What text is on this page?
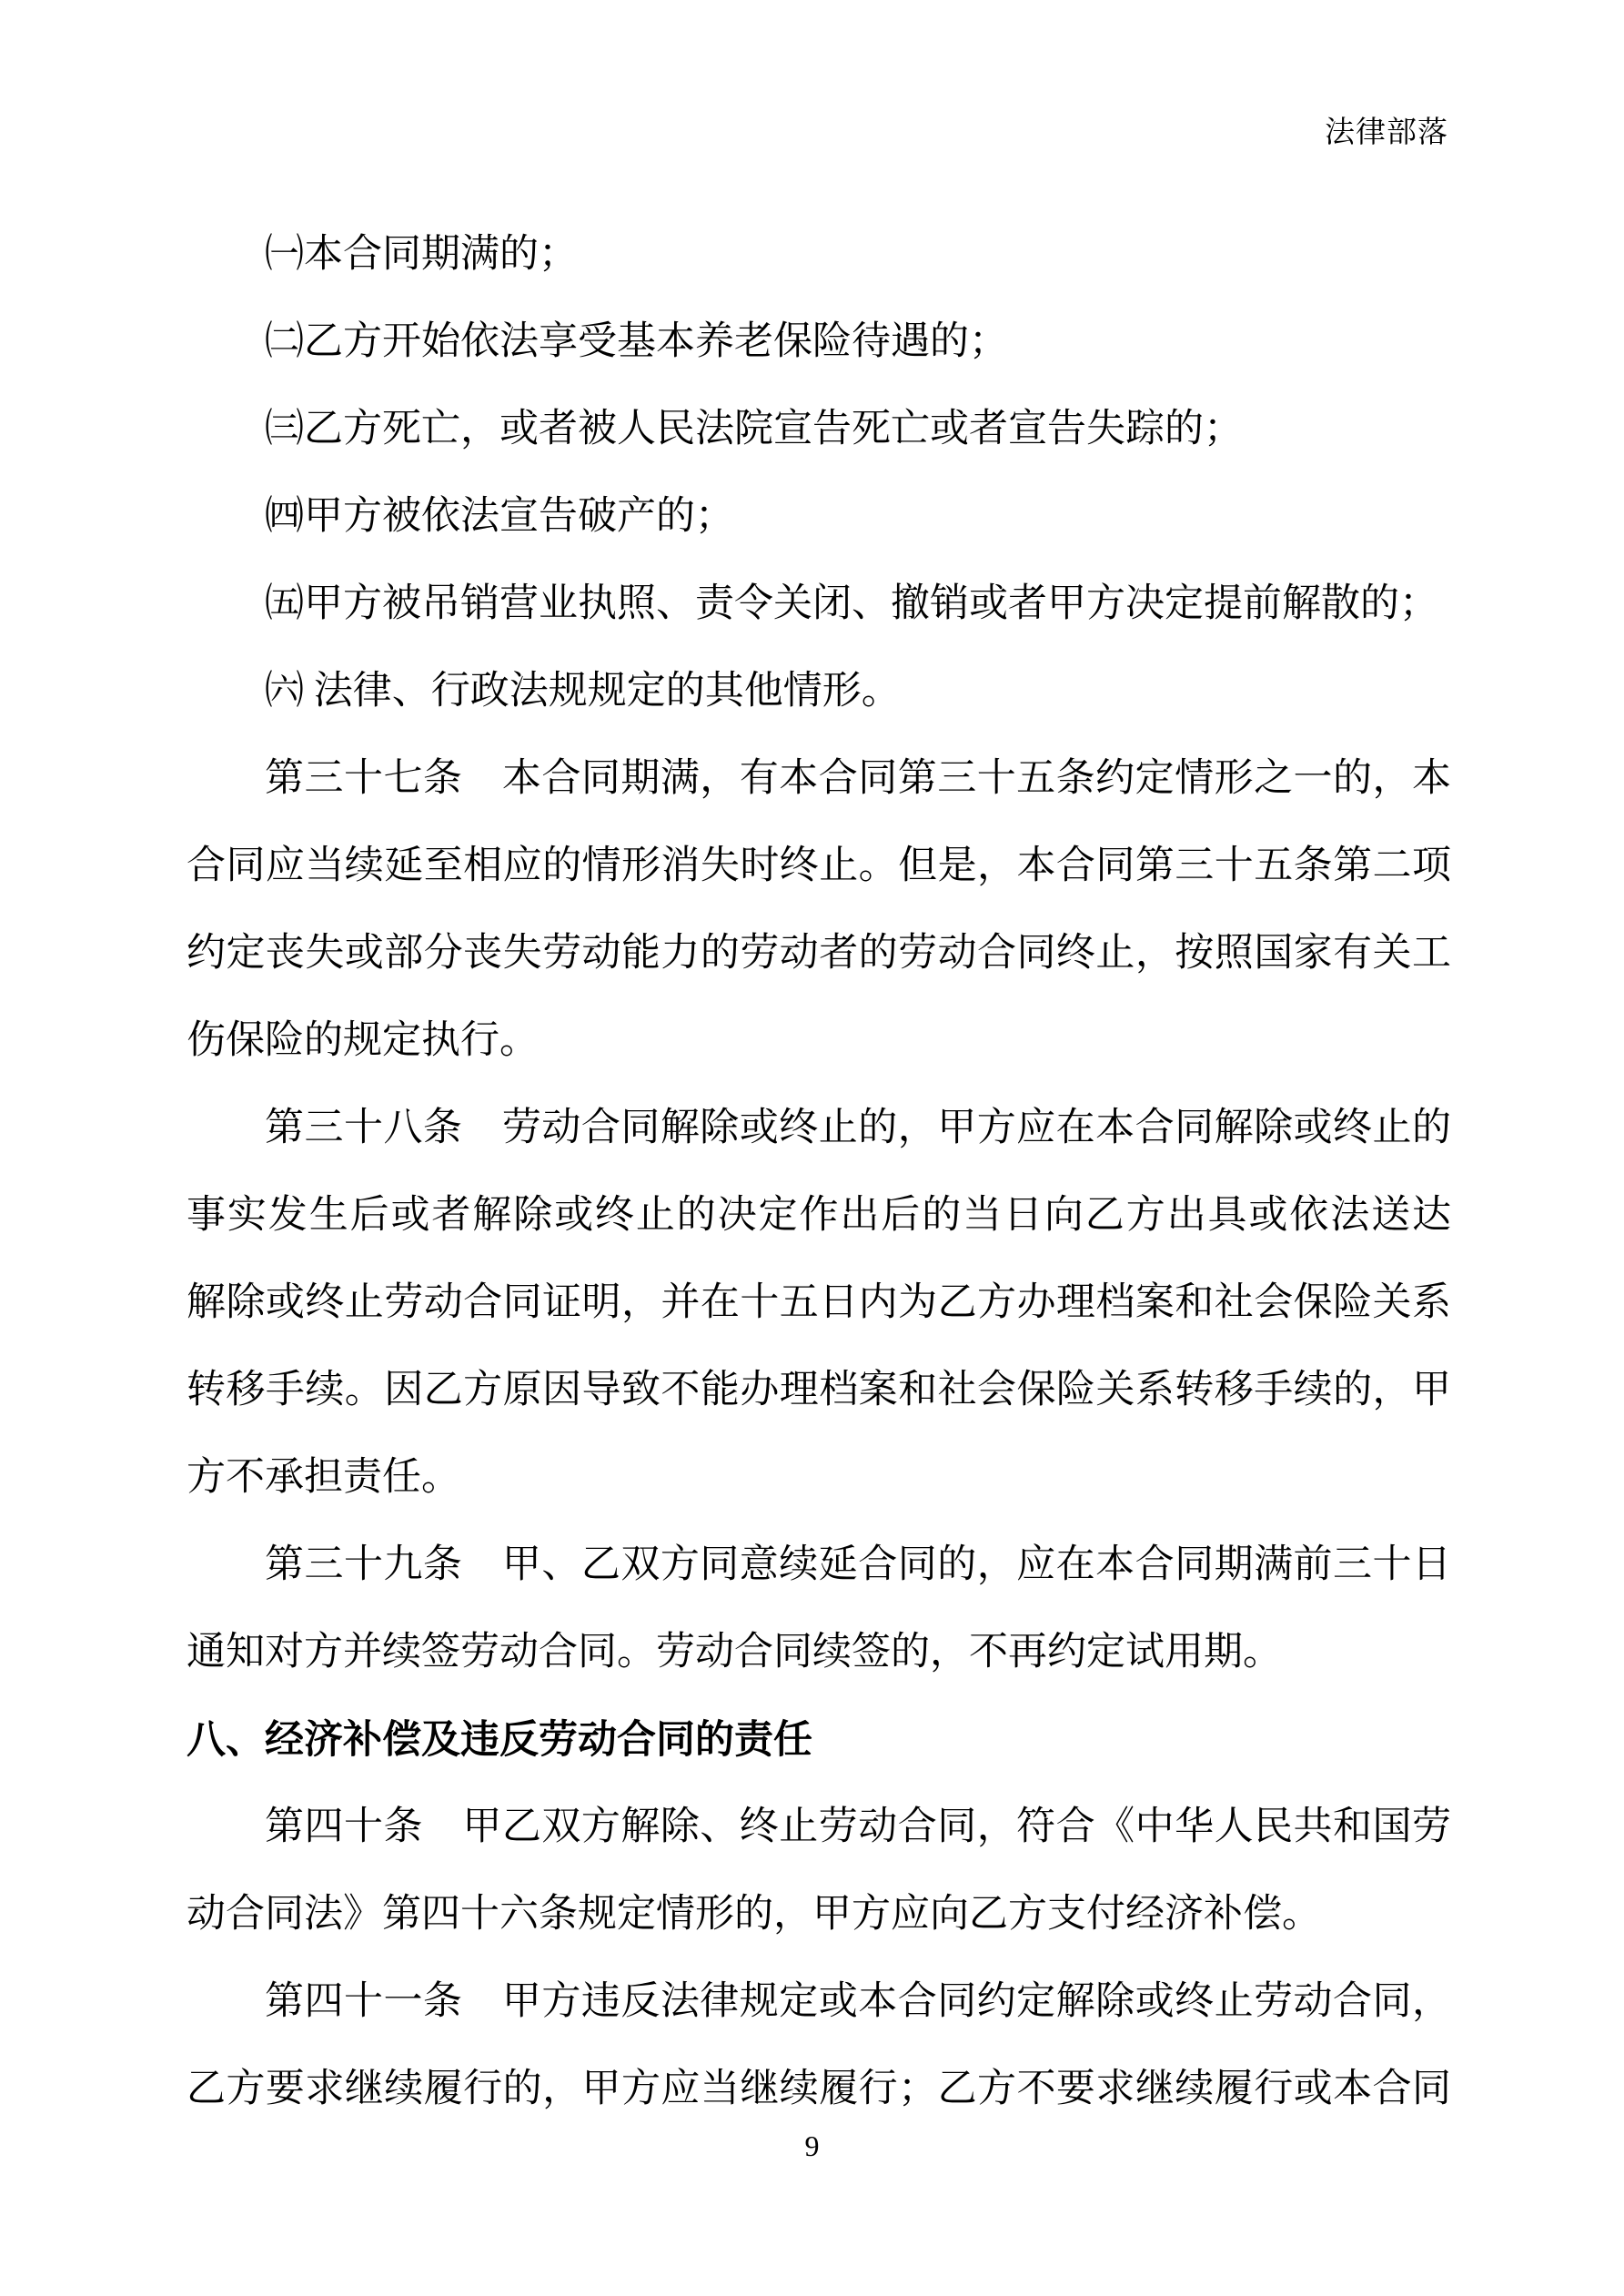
法律部落
㈠本合同期满的；
㈡乙方开始依法享受基本养老保险待遇的；
㈢乙方死亡，或者被人民法院宣告死亡或者宣告失踪的；
㈣甲方被依法宣告破产的；
㈤甲方被吊销营业执照、责令关闭、撤销或者甲方决定提前解散的；
㈥ 法律、行政法规规定的其他情形。
第三十七条　本合同期满，有本合同第三十五条约定情形之一的，本
合同应当续延至相应的情形消失时终止。但是，本合同第三十五条第二项
约定丧失或部分丧失劳动能力的劳动者的劳动合同终止，按照国家有关工
伤保险的规定执行。
第三十八条　劳动合同解除或终止的，甲方应在本合同解除或终止的
事实发生后或者解除或终止的决定作出后的当日向乙方出具或依法送达
解除或终止劳动合同证明，并在十五日内为乙方办理档案和社会保险关系
转移手续。因乙方原因导致不能办理档案和社会保险关系转移手续的，甲
方不承担责任。
第三十九条　甲、乙双方同意续延合同的，应在本合同期满前三十日
通知对方并续签劳动合同。劳动合同续签的，不再约定试用期。
八、经济补偿及违反劳动合同的责任
第四十条　甲乙双方解除、终止劳动合同，符合《中华人民共和国劳
动合同法》第四十六条规定情形的，甲方应向乙方支付经济补偿。
第四十一条　甲方违反法律规定或本合同约定解除或终止劳动合同，
乙方要求继续履行的，甲方应当继续履行；乙方不要求继续履行或本合同
9
